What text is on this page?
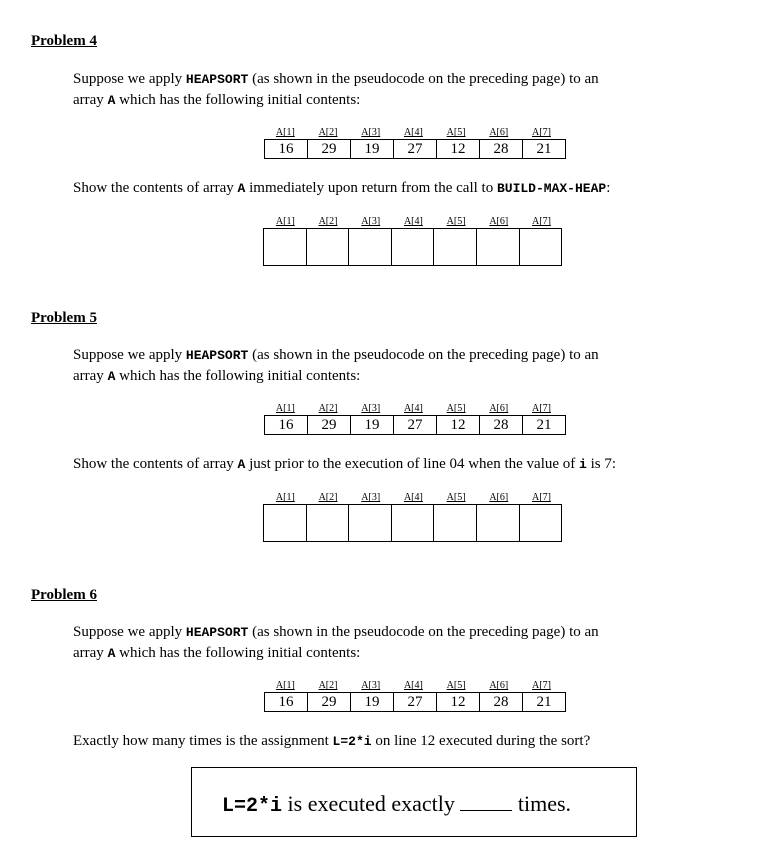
Problem 4
Suppose we apply HEAPSORT (as shown in the pseudocode on the preceding page) to an
array A which has the following initial contents:
A[1]	A[2]	A[3]	A[4]	A[5]	A[6]	A[7]
16	29	19	27	12	28	21
Show the contents of array A immediately upon return from the call to BUILD-MAX-HEAP:
A[1]	A[2]	A[3]	A[4]	A[5]	A[6]	A[7]
Problem 5
Suppose we apply HEAPSORT (as shown in the pseudocode on the preceding page) to an
array A which has the following initial contents:
A[1]	A[2]	A[3]	A[4]	A[5]	A[6]	A[7]
16	29	19	27	12	28	21
Show the contents of array A just prior to the execution of line 04 when the value of i is 7:
A[1]	A[2]	A[3]	A[4]	A[5]	A[6]	A[7]
Problem 6
Suppose we apply HEAPSORT (as shown in the pseudocode on the preceding page) to an
array A which has the following initial contents:
A[1]	A[2]	A[3]	A[4]	A[5]	A[6]	A[7]
16	29	19	27	12	28	21
Exactly how many times is the assignment L=2*i on line 12 executed during the sort?
L=2*i is executed exactly  times.
